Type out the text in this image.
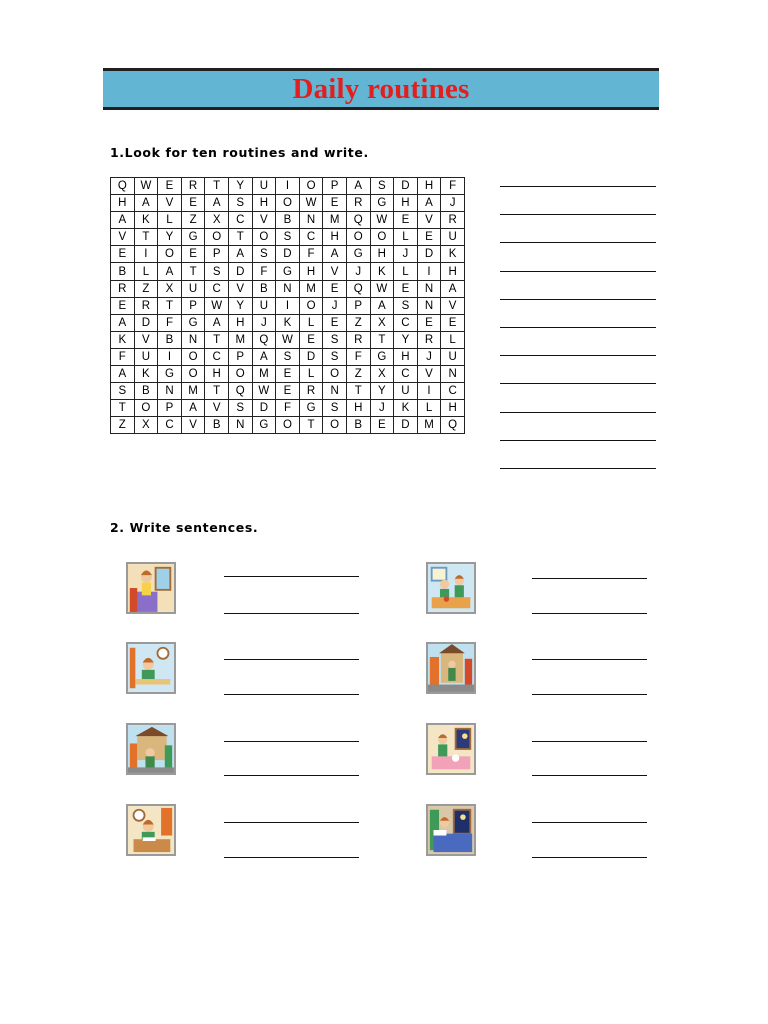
Daily routines
1.Look for ten routines and write.
Q	W	E	R	T	Y	U	I	O	P	A	S	D	H	F
H	A	V	E	A	S	H	O	W	E	R	G	H	A	J
A	K	L	Z	X	C	V	B	N	M	Q	W	E	V	R
V	T	Y	G	O	T	O	S	C	H	O	O	L	E	U
E	I	O	E	P	A	S	D	F	A	G	H	J	D	K
B	L	A	T	S	D	F	G	H	V	J	K	L	I	H
R	Z	X	U	C	V	B	N	M	E	Q	W	E	N	A
E	R	T	P	W	Y	U	I	O	J	P	A	S	N	V
A	D	F	G	A	H	J	K	L	E	Z	X	C	E	E
K	V	B	N	T	M	Q	W	E	S	R	T	Y	R	L
F	U	I	O	C	P	A	S	D	S	F	G	H	J	U
A	K	G	O	H	O	M	E	L	O	Z	X	C	V	N
S	B	N	M	T	Q	W	E	R	N	T	Y	U	I	C
T	O	P	A	V	S	D	F	G	S	H	J	K	L	H
Z	X	C	V	B	N	G	O	T	O	B	E	D	M	Q
2. Write sentences.
